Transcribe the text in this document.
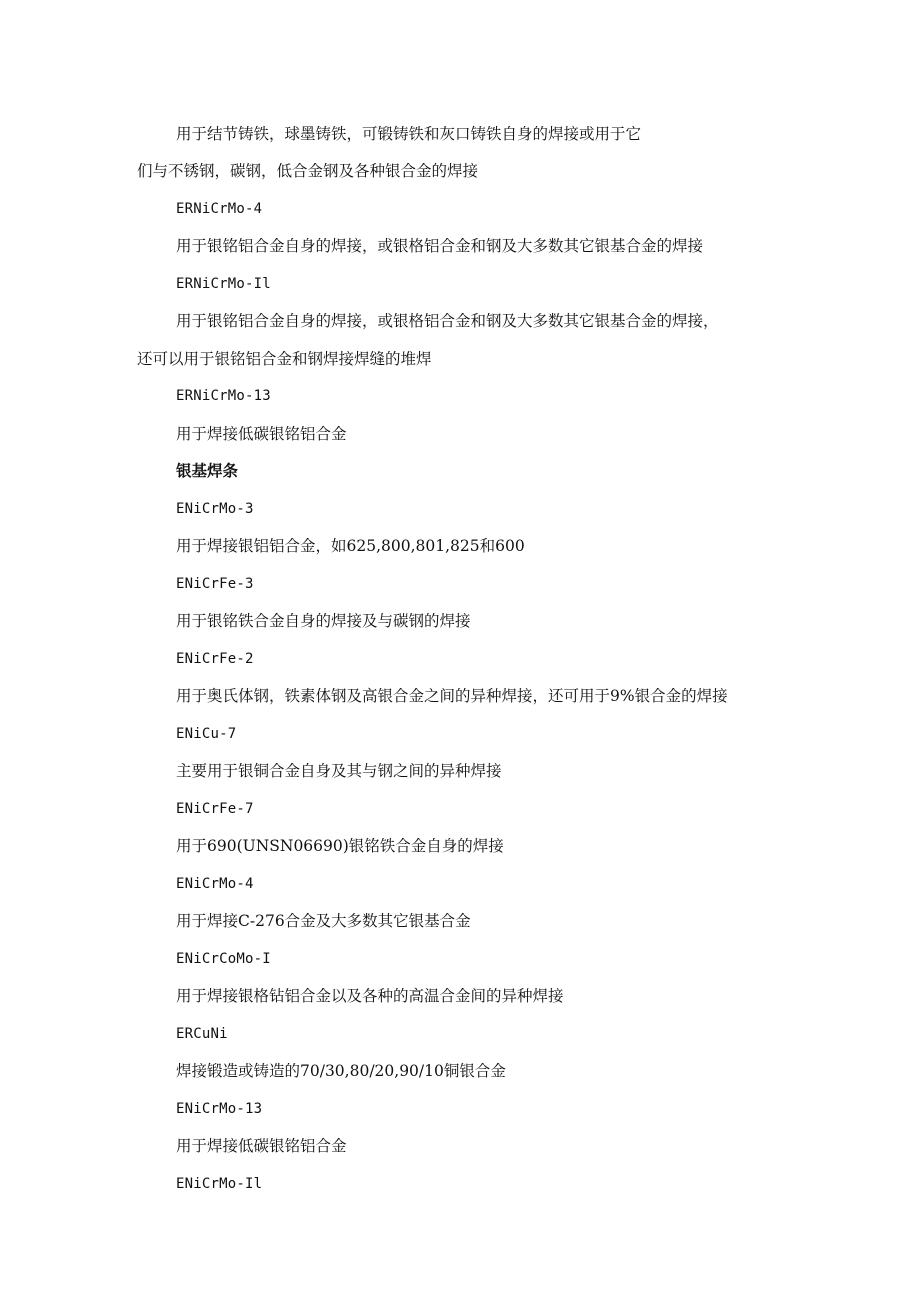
用于结节铸铁，球墨铸铁，可锻铸铁和灰口铸铁自身的焊接或用于它
们与不锈钢，碳钢，低合金钢及各种银合金的焊接
ERNiCrMo-4
用于银铭铝合金自身的焊接，或银格铝合金和钢及大多数其它银基合金的焊接
ERNiCrMo-Il
用于银铭铝合金自身的焊接，或银格铝合金和钢及大多数其它银基合金的焊接，
还可以用于银铭铝合金和钢焊接焊缝的堆焊
ERNiCrMo-13
用于焊接低碳银铭铝合金
银基焊条
ENiCrMo-3
用于焊接银铝铝合金，如625,800,801,825和600
ENiCrFe-3
用于银铭铁合金自身的焊接及与碳钢的焊接
ENiCrFe-2
用于奥氏体钢，铁素体钢及高银合金之间的异种焊接，还可用于9%银合金的焊接
ENiCu-7
主要用于银铜合金自身及其与钢之间的异种焊接
ENiCrFe-7
用于690(UNSN06690)银铭铁合金自身的焊接
ENiCrMo-4
用于焊接C-276合金及大多数其它银基合金
ENiCrCoMo-I
用于焊接银格钻铝合金以及各种的高温合金间的异种焊接
ERCuNi
焊接锻造或铸造的70/30,80/20,90/10铜银合金
ENiCrMo-13
用于焊接低碳银铭铝合金
ENiCrMo-Il
